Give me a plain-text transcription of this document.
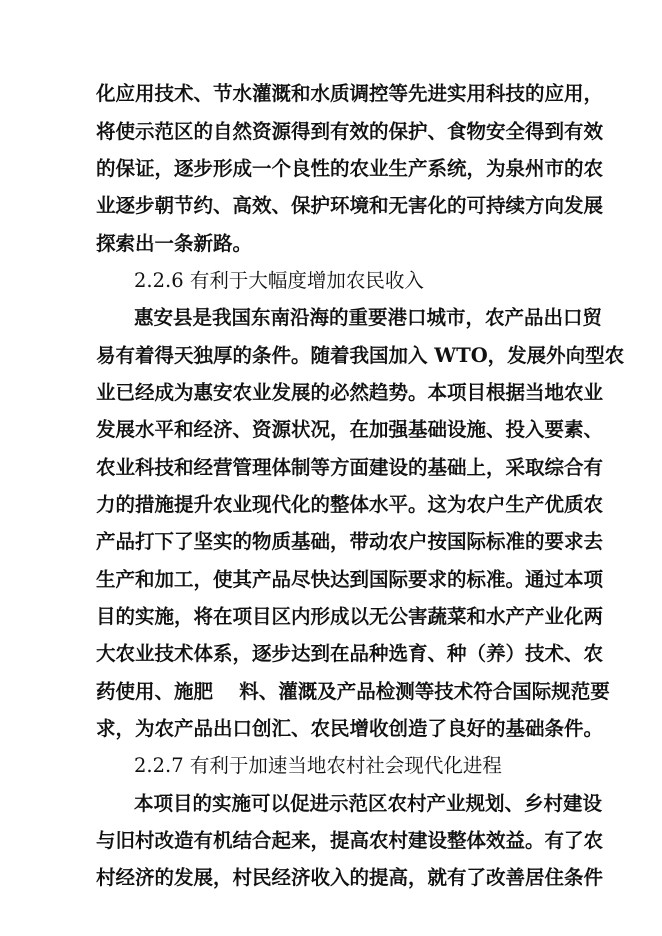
化应用技术、节水灌溉和水质调控等先进实用科技的应用，
将使示范区的自然资源得到有效的保护、食物安全得到有效
的保证，逐步形成一个良性的农业生产系统，为泉州市的农
业逐步朝节约、高效、保护环境和无害化的可持续方向发展
探索出一条新路。
2.2.6 有利于大幅度增加农民收入
惠安县是我国东南沿海的重要港口城市，农产品出口贸
易有着得天独厚的条件。随着我国加入 WTO，发展外向型农
业已经成为惠安农业发展的必然趋势。本项目根据当地农业
发展水平和经济、资源状况，在加强基础设施、投入要素、
农业科技和经营管理体制等方面建设的基础上，采取综合有
力的措施提升农业现代化的整体水平。这为农户生产优质农
产品打下了坚实的物质基础，带动农户按国际标准的要求去
生产和加工，使其产品尽快达到国际要求的标准。通过本项
目的实施，将在项目区内形成以无公害蔬菜和水产产业化两
大农业技术体系，逐步达到在品种选育、种（养）技术、农
药使用、施肥　 料、灌溉及产品检测等技术符合国际规范要
求，为农产品出口创汇、农民增收创造了良好的基础条件。
2.2.7 有利于加速当地农村社会现代化进程
本项目的实施可以促进示范区农村产业规划、乡村建设
与旧村改造有机结合起来，提高农村建设整体效益。有了农
村经济的发展，村民经济收入的提高，就有了改善居住条件
